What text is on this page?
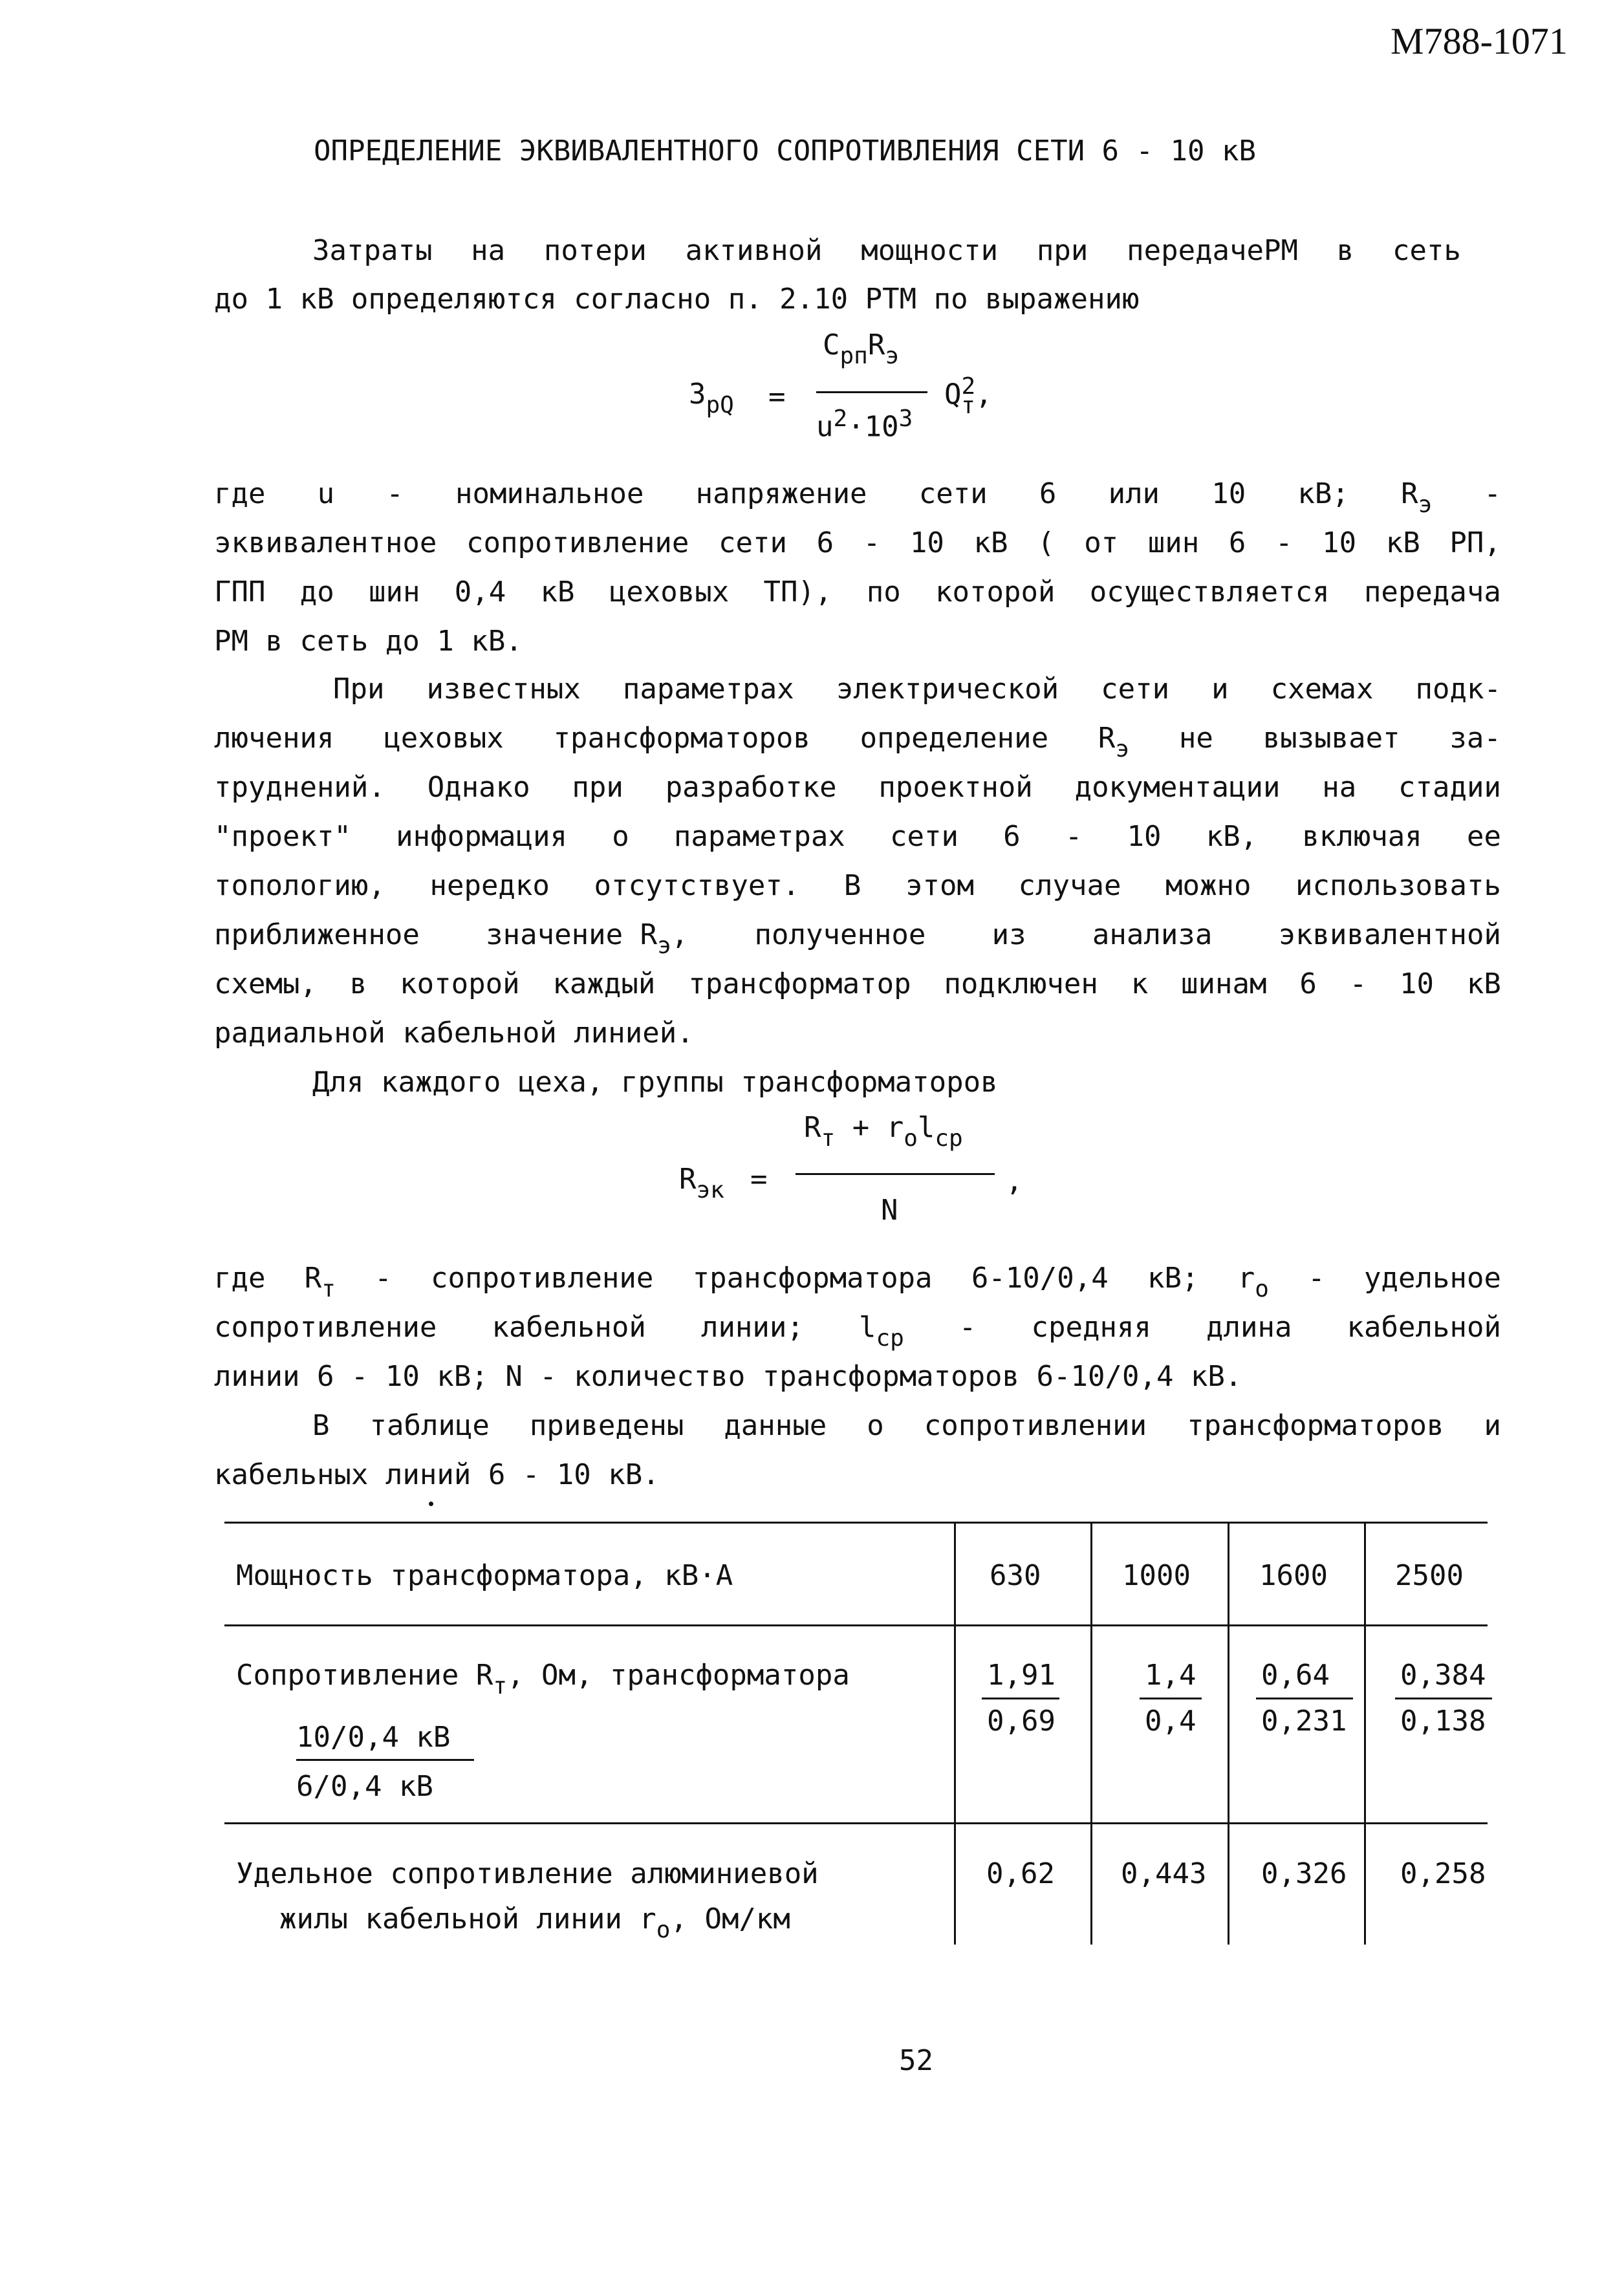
М788-1071
ОПРЕДЕЛЕНИЕ ЭКВИВАЛЕНТНОГО СОПРОТИВЛЕНИЯ СЕТИ 6 - 10 кВ
Затраты на потери активной мощности при передачеРМ в сеть
до 1 кВ определяются согласно п. 2.10 РТМ по выражению
$З_{рQ}$ =
$С_{рп}R_э$
$u^2\cdot 10^3$
$Q^2_т$,
где u - номинальное напряжение сети 6 или 10 кВ; $R_э$ -
эквивалентное сопротивление сети 6 - 10 кВ ( от шин 6 - 10 кВ РП,
ГПП до шин 0,4 кВ цеховых ТП), по которой осуществляется передача
РМ в сеть до 1 кВ.
При известных параметрах электрической сети и схемах подк-
лючения цеховых трансформаторов определение $R_э$ не вызывает за-
труднений. Однако при разработке проектной документации на стадии
"проект" информация о параметрах сети 6 - 10 кВ, включая ее
топологию, нередко отсутствует. В этом случае можно использовать
приближенное значение $R_э$, полученное из анализа эквивалентной
схемы, в которой каждый трансформатор подключен к шинам 6 - 10 кВ
радиальной кабельной линией.
Для каждого цеха, группы трансформаторов
$R_{эк}$ =
$R_т + r_оl_{ср}$
N
,
где $R_т$ - сопротивление трансформатора 6-10/0,4 кВ; $r_о$ - удельное
сопротивление кабельной линии; $l_{ср}$ - средняя длина кабельной
линии 6 - 10 кВ; N - количество трансформаторов 6-10/0,4 кВ.
В таблице приведены данные о сопротивлении трансформаторов и
кабельных линий 6 - 10 кВ.
Мощность трансформатора, кВ·А	630	1000 1600 2500
Сопротивление $R_т$, Ом, трансформатора
10/0,4 кВ
6/0,4 кВ
1,91
0,69
1,4
0,4
0,64
0,231
0,384
0,138
Удельное сопротивление алюминиевой
жилы кабельной линии $r_о$, Ом/км
0,62 0,443 0,326 0,258
52
